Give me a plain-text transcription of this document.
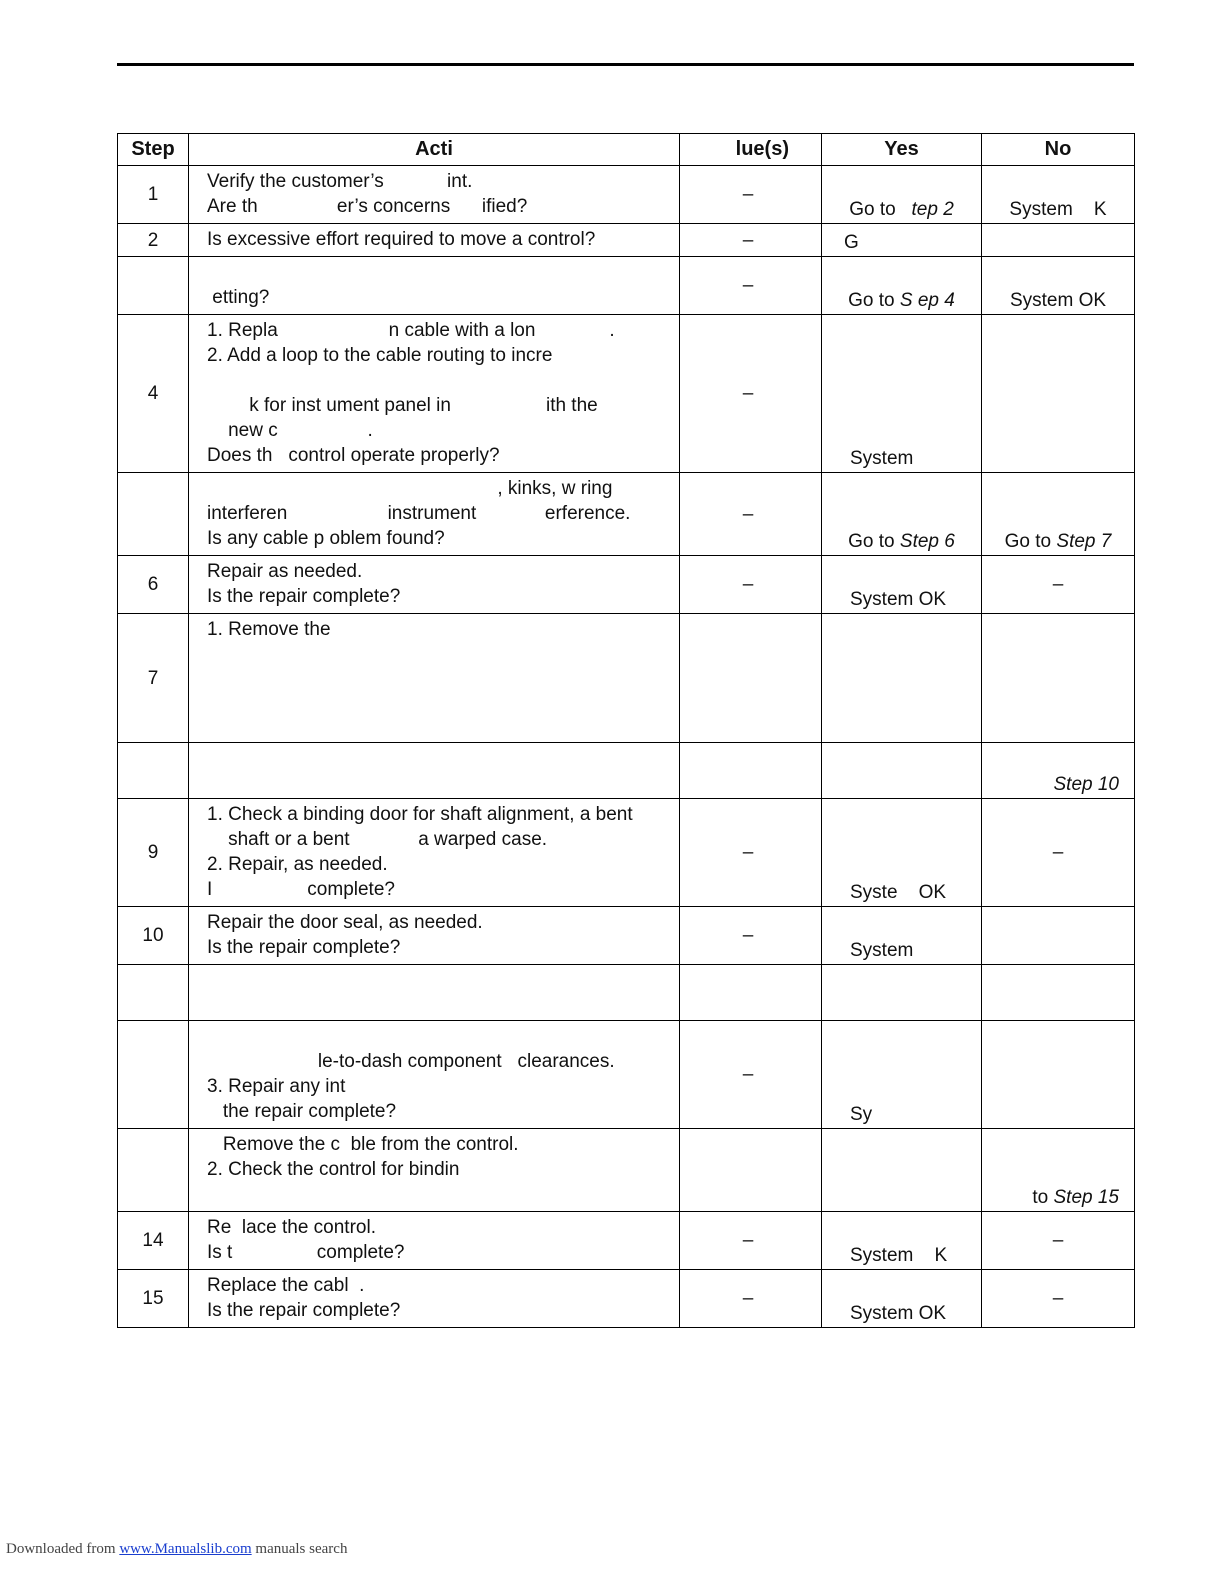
Step	Acti	lue(s)	Yes	No
1	Verify the customer’s            int.
Are th               er’s concerns      ified?	–	Go to   tep 2	System    K
2	Is excessive effort required to move a control?	–	G	

	etting?	–	Go to S ep 4	System OK
4	1. Repla                     n cable with a lon              .
2. Add a loop to the cable routing to incre
k for inst ument panel in                  ith the
new c                 .
Does th   control operate properly?	–	System	

	, kinks, w ring
interferen                   instrument             erference.
Is any cable p oblem found?	–	Go to Step 6	Go to Step 7
6	Repair as needed.
Is the repair complete?	–	System OK	–
7	1. Remove the			

			Step 10
9	1. Check a binding door for shaft alignment, a bent
shaft or a bent             a warped case.
2. Repair, as needed.
I                  complete?	–	Syste    OK	–
10	Repair the door seal, as needed.
Is the repair complete?	–	System	

	le-to-dash component   clearances.
3. Repair any int
the repair complete?	–	Sy	

	Remove the c  ble from the control.
2. Check the control for bindin			to Step 15
14	Re  lace the control.
Is t                complete?	–	System    K	–
15	Replace the cabl  .
Is the repair complete?	–	System OK	–
Downloaded from www.Manualslib.com manuals search
